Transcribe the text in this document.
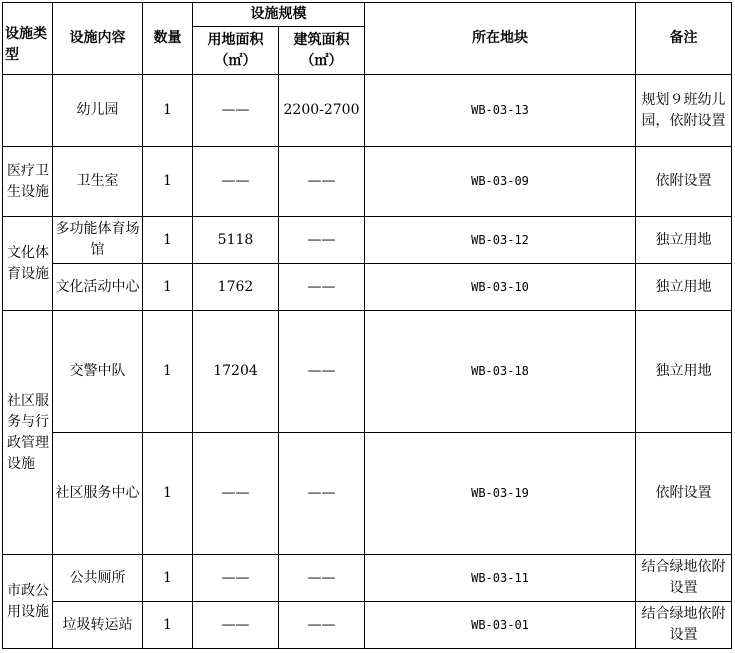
设施类型	设施内容	数量	设施规模		所在地块	备注
			用地面积（㎡）	建筑面积（㎡）		
	幼儿园	1	——	2200-2700	WB-03-13	规划９班幼儿园，依附设置
医疗卫生设施	卫生室	1	——	——	WB-03-09	依附设置
文化体育设施	多功能体育场馆	1	5118	——	WB-03-12	独立用地
	文化活动中心	1	1762	——	WB-03-10	独立用地
社区服务与行政管理设施	交警中队	1	17204	——	WB-03-18	独立用地
	社区服务中心	1	——	——	WB-03-19	依附设置
市政公用设施	公共厕所	1	——	——	WB-03-11	结合绿地依附设置
	垃圾转运站	1	——	——	WB-03-01	结合绿地依附设置
